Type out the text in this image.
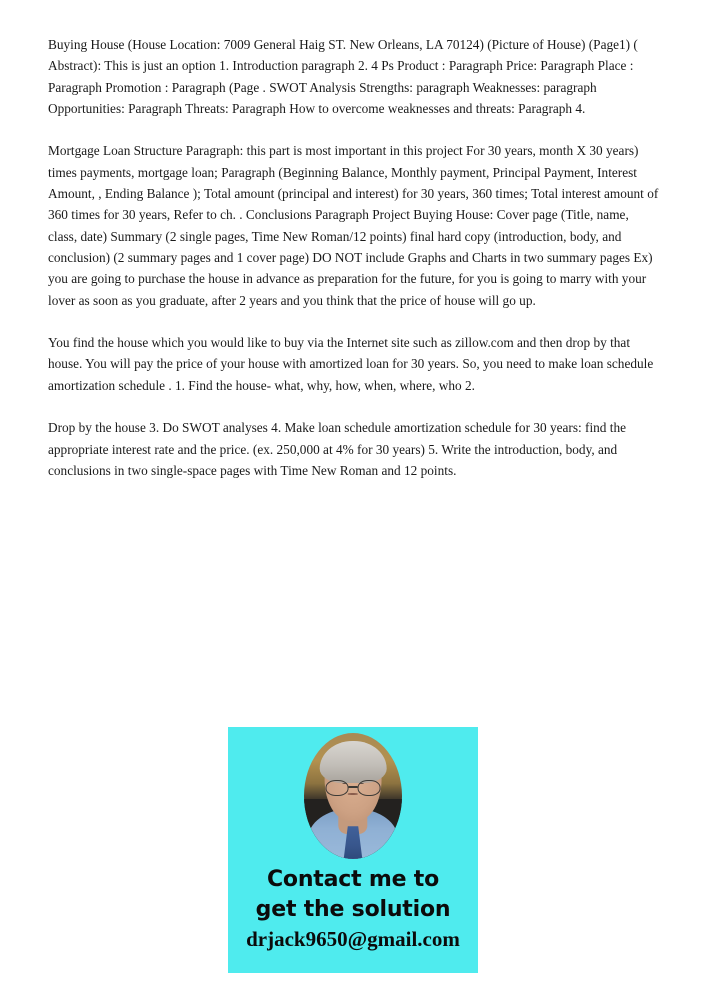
Buying House (House Location: 7009 General Haig ST. New Orleans, LA 70124) (Picture of House) (Page1) ( Abstract): This is just an option 1. Introduction paragraph 2. 4 Ps Product : Paragraph Price: Paragraph Place : Paragraph Promotion : Paragraph (Page . SWOT Analysis Strengths: paragraph Weaknesses: paragraph Opportunities: Paragraph Threats: Paragraph How to overcome weaknesses and threats: Paragraph 4.

Mortgage Loan Structure Paragraph: this part is most important in this project For 30 years, month X 30 years) times payments, mortgage loan; Paragraph (Beginning Balance, Monthly payment, Principal Payment, Interest Amount, , Ending Balance ); Total amount (principal and interest) for 30 years, 360 times; Total interest amount of 360 times for 30 years, Refer to ch. . Conclusions Paragraph Project Buying House: Cover page (Title, name, class, date) Summary (2 single pages, Time New Roman/12 points) final hard copy (introduction, body, and conclusion) (2 summary pages and 1 cover page) DO NOT include Graphs and Charts in two summary pages Ex) you are going to purchase the house in advance as preparation for the future, for you is going to marry with your lover as soon as you graduate, after 2 years and you think that the price of house will go up.

You find the house which you would like to buy via the Internet site such as zillow.com and then drop by that house. You will pay the price of your house with amortized loan for 30 years. So, you need to make loan schedule amortization schedule . 1. Find the house- what, why, how, when, where, who 2.

Drop by the house 3. Do SWOT analyses 4. Make loan schedule amortization schedule for 30 years: find the appropriate interest rate and the price. (ex. 250,000 at 4% for 30 years) 5. Write the introduction, body, and conclusions in two single-space pages with Time New Roman and 12 points.

Contact me to
get the solution
drjack9650@gmail.com
